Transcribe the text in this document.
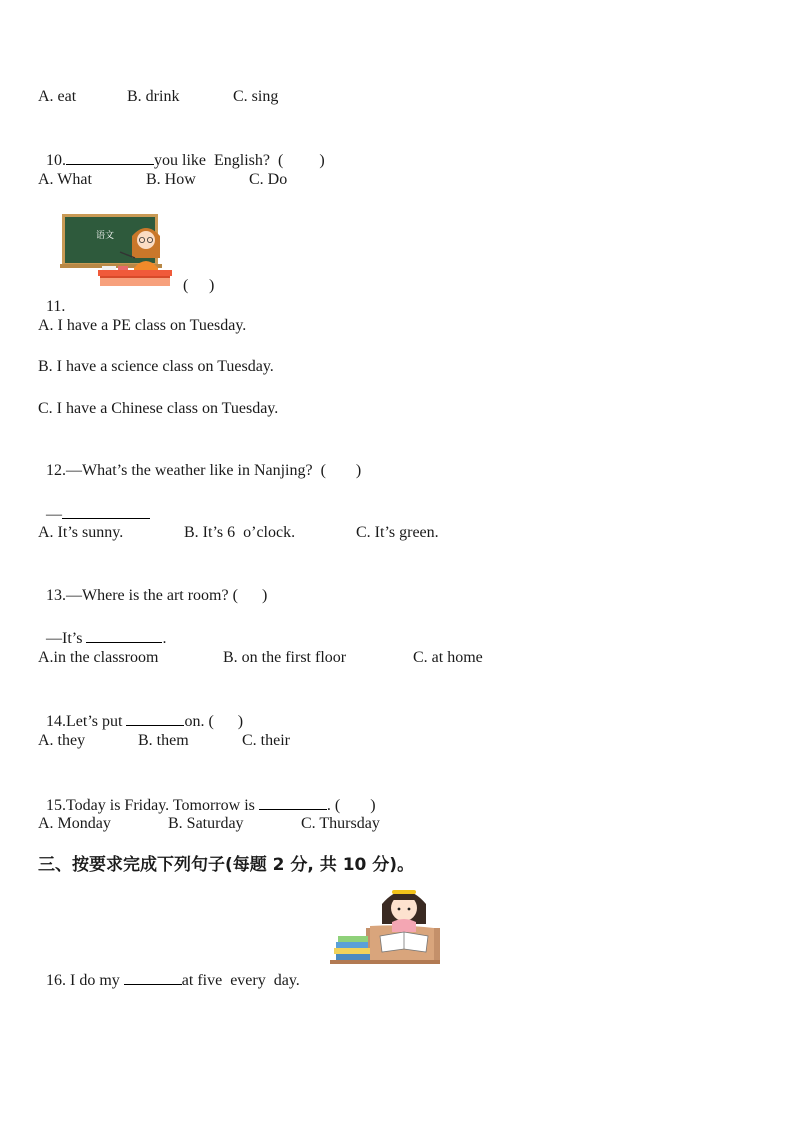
A. eat	B. drink	C. sing

10.	you like  English?  ( )

A. What	B. How	C. Do
语文

11.

( )
A. I have a PE class on Tuesday.
B. I have a science class on Tuesday.
C. I have a Chinese class on Tuesday.

12.—What’s the weather like in Nanjing?  ( )

—

A. It’s sunny.	B. It’s 6  o’clock.	C. It’s green.

13.—Where is the art room? ( )

—It’s	.

A.in the classroom	B. on the first floor	C. at home

14.Let’s put	on. ( )

A. they	B. them	C. their

15.Today is Friday. Tomorrow is	. ( )

A. Monday	B. Saturday	C. Thursday
三、按要求完成下列句子(每题 2 分, 共 10 分)。

16. I do my	at five  every  day.
